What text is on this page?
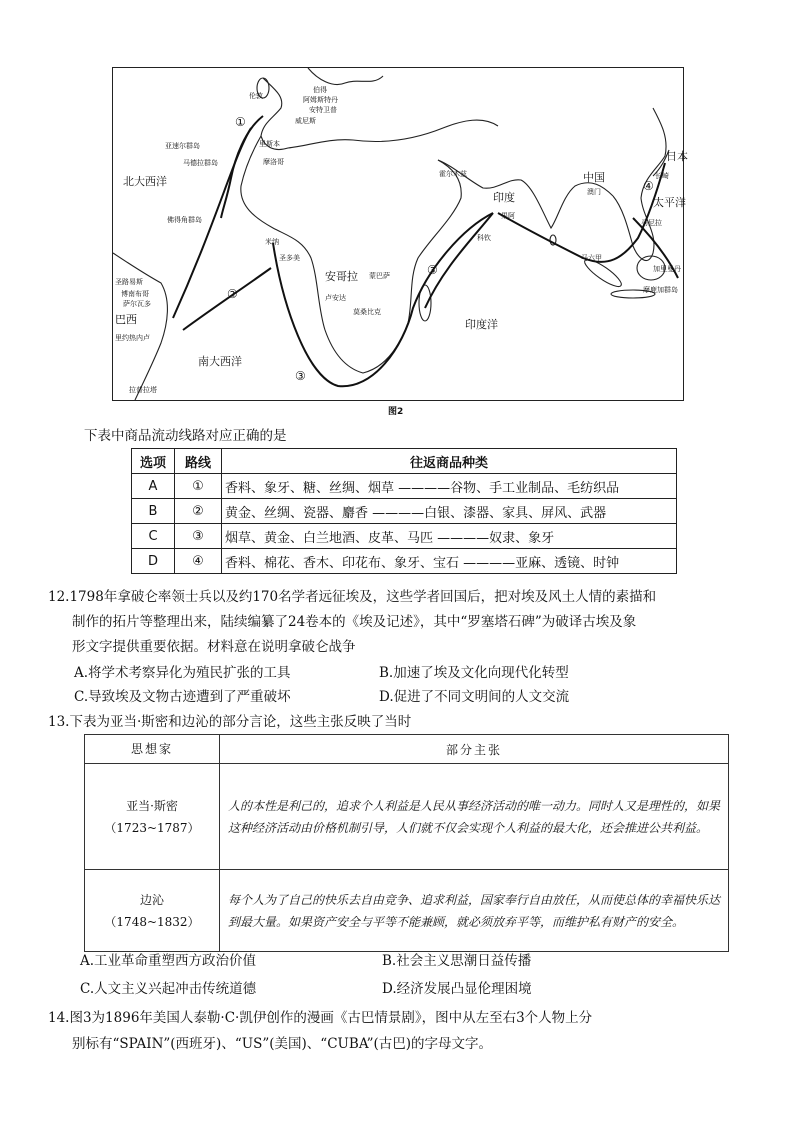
北大西洋
南大西洋
印度洋
太平洋
巴西
安哥拉
印度
中国
日本
伦敦
伯得
阿姆斯特丹
安特卫普
威尼斯
亚速尔群岛
马德拉群岛
里斯本
摩洛哥
佛得角群岛
霍尔木兹
果阿
科钦
澳门
长崎
马尼拉
马六甲
加里曼丹
摩鹿加群岛
米纳
圣多美
卢安达
蒙巴萨
莫桑比克
圣路易斯
博南布哥
萨尔瓦多
里约热内卢
拉普拉塔
①
②
③
③
④
图2
下表中商品流动线路对应正确的是
选项	路线	往返商品种类
A	①	香料、象牙、糖、丝绸、烟草 ————谷物、手工业制品、毛纺织品
B	②	黄金、丝绸、瓷器、麝香 ————白银、漆器、家具、屏风、武器
C	③	烟草、黄金、白兰地酒、皮革、马匹 ————奴隶、象牙
D	④	香料、棉花、香木、印花布、象牙、宝石 ————亚麻、透镜、时钟
12.1798年拿破仑率领士兵以及约170名学者远征埃及，这些学者回国后，把对埃及风土人情的素描和
制作的拓片等整理出来，陆续编纂了24卷本的《埃及记述》，其中“罗塞塔石碑”为破译古埃及象
形文字提供重要依据。材料意在说明拿破仑战争
A.将学术考察异化为殖民扩张的工具	B.加速了埃及文化向现代化转型
C.导致埃及文物古迹遭到了严重破坏	D.促进了不同文明间的人文交流
13.下表为亚当·斯密和边沁的部分言论，这些主张反映了当时
思想家	部分主张

亚当·斯密
（1723~1787）	人的本性是利己的，追求个人利益是人民从事经济活动的唯一动力。同时人又是理性的，如果这种经济活动由价格机制引导，人们就不仅会实现个人利益的最大化，还会推进公共利益。

边沁
（1748~1832）	每个人为了自己的快乐去自由竞争、追求利益，国家奉行自由放任，从而使总体的幸福快乐达到最大量。如果资产安全与平等不能兼顾，就必须放弃平等，而维护私有财产的安全。
A.工业革命重塑西方政治价值	B.社会主义思潮日益传播
C.人文主义兴起冲击传统道德	D.经济发展凸显伦理困境
14.图3为1896年美国人泰勒·C·凯伊创作的漫画《古巴情景剧》，图中从左至右3个人物上分
别标有“SPAIN”(西班牙)、“US”(美国)、“CUBA”(古巴)的字母文字。
